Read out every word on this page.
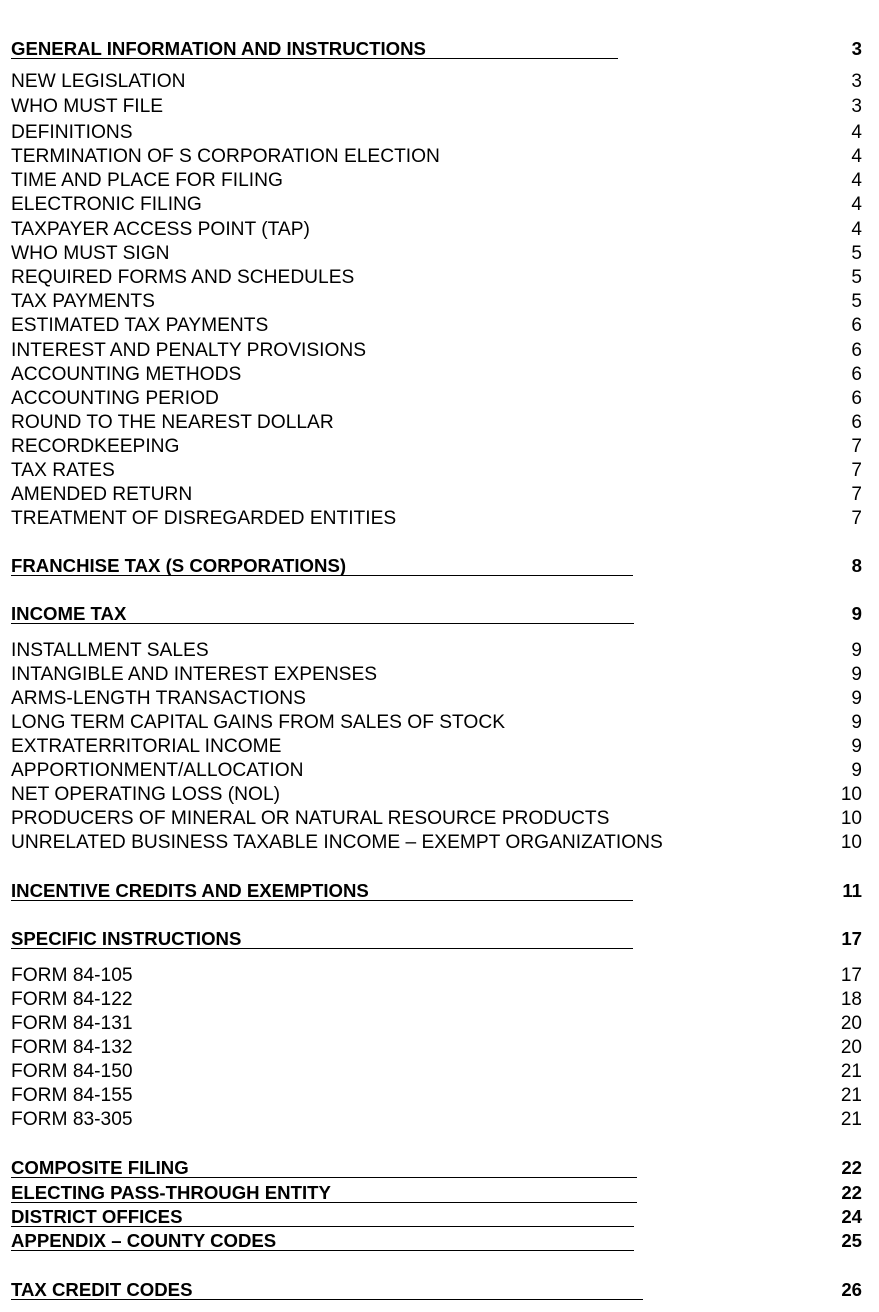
GENERAL INFORMATION AND INSTRUCTIONS	3
NEW LEGISLATION	3
WHO MUST FILE	3
DEFINITIONS	4
TERMINATION OF S CORPORATION ELECTION	4
TIME AND PLACE FOR FILING	4
ELECTRONIC FILING	4
TAXPAYER ACCESS POINT (TAP)	4
WHO MUST SIGN	5
REQUIRED FORMS AND SCHEDULES	5
TAX PAYMENTS	5
ESTIMATED TAX PAYMENTS	6
INTEREST AND PENALTY PROVISIONS	6
ACCOUNTING METHODS	6
ACCOUNTING PERIOD	6
ROUND TO THE NEAREST DOLLAR	6
RECORDKEEPING	7
TAX RATES	7
AMENDED RETURN	7
TREATMENT OF DISREGARDED ENTITIES	7
FRANCHISE TAX (S CORPORATIONS)	8
INCOME TAX	9
INSTALLMENT SALES	9
INTANGIBLE AND INTEREST EXPENSES	9
ARMS-LENGTH TRANSACTIONS	9
LONG TERM CAPITAL GAINS FROM SALES OF STOCK	9
EXTRATERRITORIAL INCOME	9
APPORTIONMENT/ALLOCATION	9
NET OPERATING LOSS (NOL)	10
PRODUCERS OF MINERAL OR NATURAL RESOURCE PRODUCTS	10
UNRELATED BUSINESS TAXABLE INCOME – EXEMPT ORGANIZATIONS	10
INCENTIVE CREDITS AND EXEMPTIONS	11
SPECIFIC INSTRUCTIONS	17
FORM 84-105	17
FORM 84-122	18
FORM 84-131	20
FORM 84-132	20
FORM 84-150	21
FORM 84-155	21
FORM 83-305	21
COMPOSITE FILING	22
ELECTING PASS-THROUGH ENTITY	22
DISTRICT OFFICES	24
APPENDIX – COUNTY CODES	25
TAX CREDIT CODES	26
